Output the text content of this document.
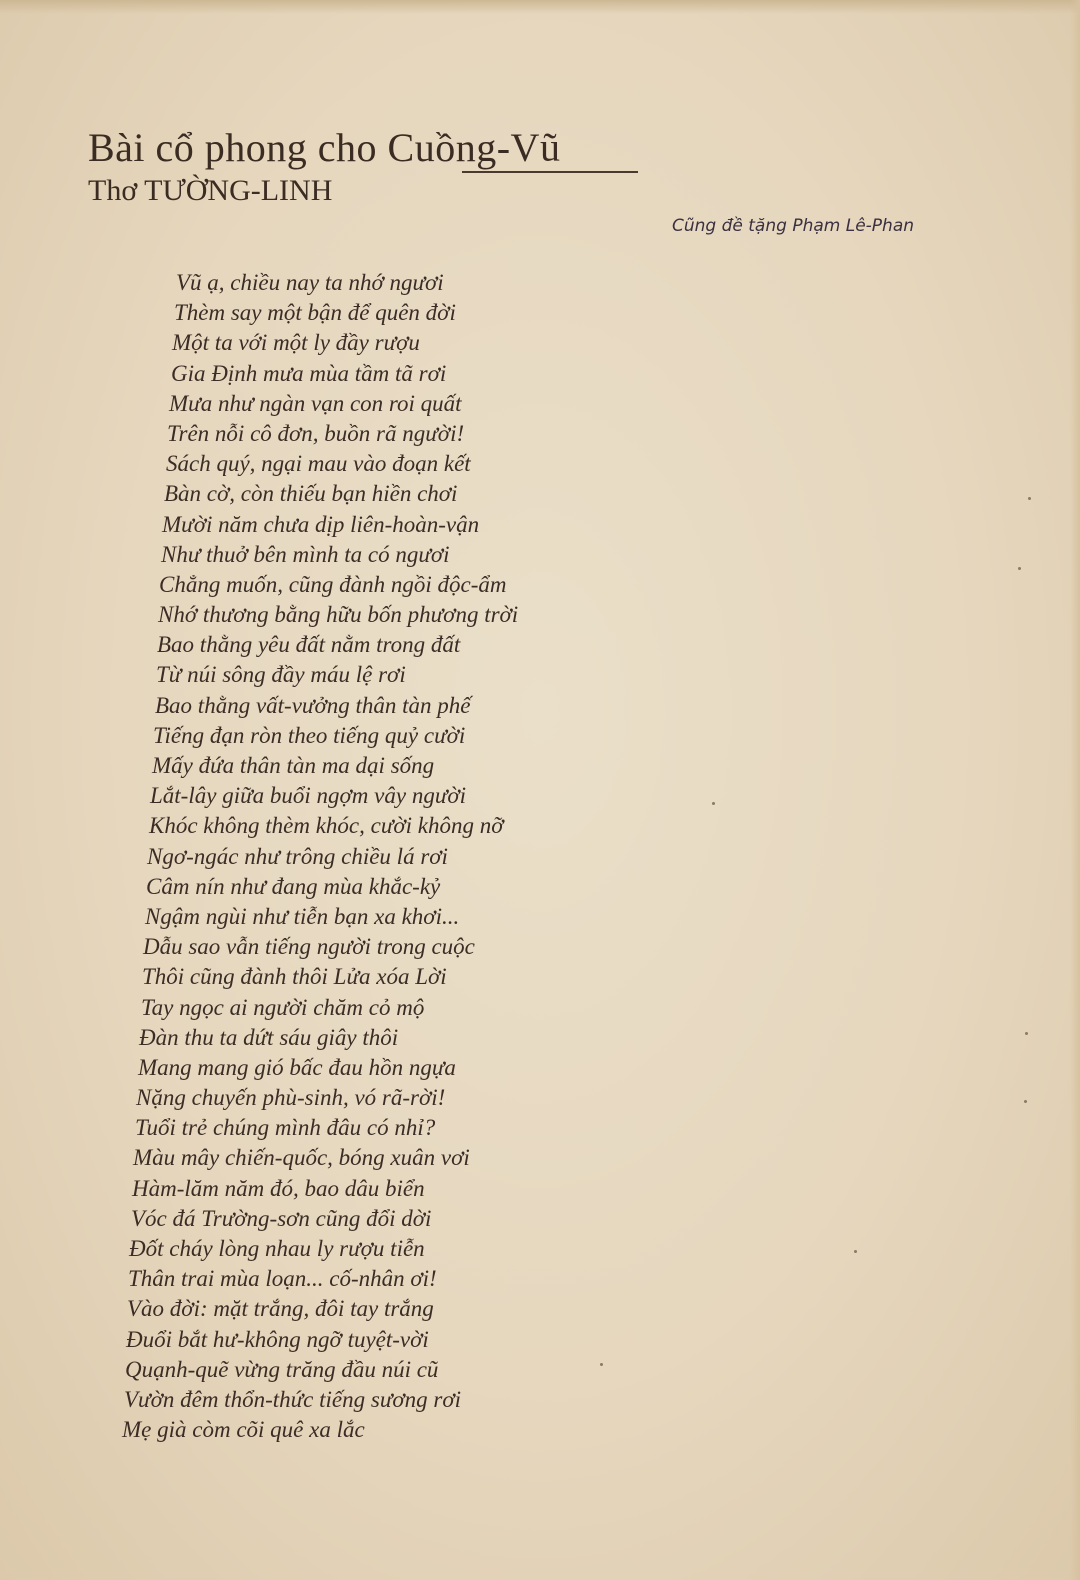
Bài cổ phong cho Cuồng-Vũ
Thơ TƯỜNG-LINH
Cũng đề tặng Phạm Lê-Phan
Vũ ạ, chiều nay ta nhớ ngươi
Thèm say một bận để quên đời
Một ta với một ly đầy rượu
Gia Định mưa mùa tầm tã rơi
Mưa như ngàn vạn con roi quất
Trên nỗi cô đơn, buồn rã người!
Sách quý, ngại mau vào đoạn kết
Bàn cờ, còn thiếu bạn hiền chơi
Mười năm chưa dịp liên-hoàn-vận
Như thuở bên mình ta có ngươi
Chẳng muốn, cũng đành ngồi độc-ẩm
Nhớ thương bằng hữu bốn phương trời
Bao thằng yêu đất nằm trong đất
Từ núi sông đầy máu lệ rơi
Bao thằng vất-vưởng thân tàn phế
Tiếng đạn ròn theo tiếng quỷ cười
Mấy đứa thân tàn ma dại sống
Lắt-lây giữa buổi ngợm vây người
Khóc không thèm khóc, cười không nỡ
Ngơ-ngác như trông chiều lá rơi
Câm nín như đang mùa khắc-kỷ
Ngậm ngùi như tiễn bạn xa khơi...
Dẫu sao vẫn tiếng người trong cuộc
Thôi cũng đành thôi Lửa xóa Lời
Tay ngọc ai người chăm cỏ mộ
Đàn thu ta dứt sáu giây thôi
Mang mang gió bấc đau hồn ngựa
Nặng chuyến phù-sinh, vó rã-rời!
Tuổi trẻ chúng mình đâu có nhỉ?
Màu mây chiến-quốc, bóng xuân vơi
Hàm-lăm năm đó, bao dâu biển
Vóc đá Trường-sơn cũng đổi dời
Đốt cháy lòng nhau ly rượu tiễn
Thân trai mùa loạn... cố-nhân ơi!
Vào đời: mặt trắng, đôi tay trắng
Đuổi bắt hư-không ngỡ tuyệt-vời
Quạnh-quẽ vừng trăng đầu núi cũ
Vườn đêm thổn-thức tiếng sương rơi
Mẹ già còm cõi quê xa lắc
